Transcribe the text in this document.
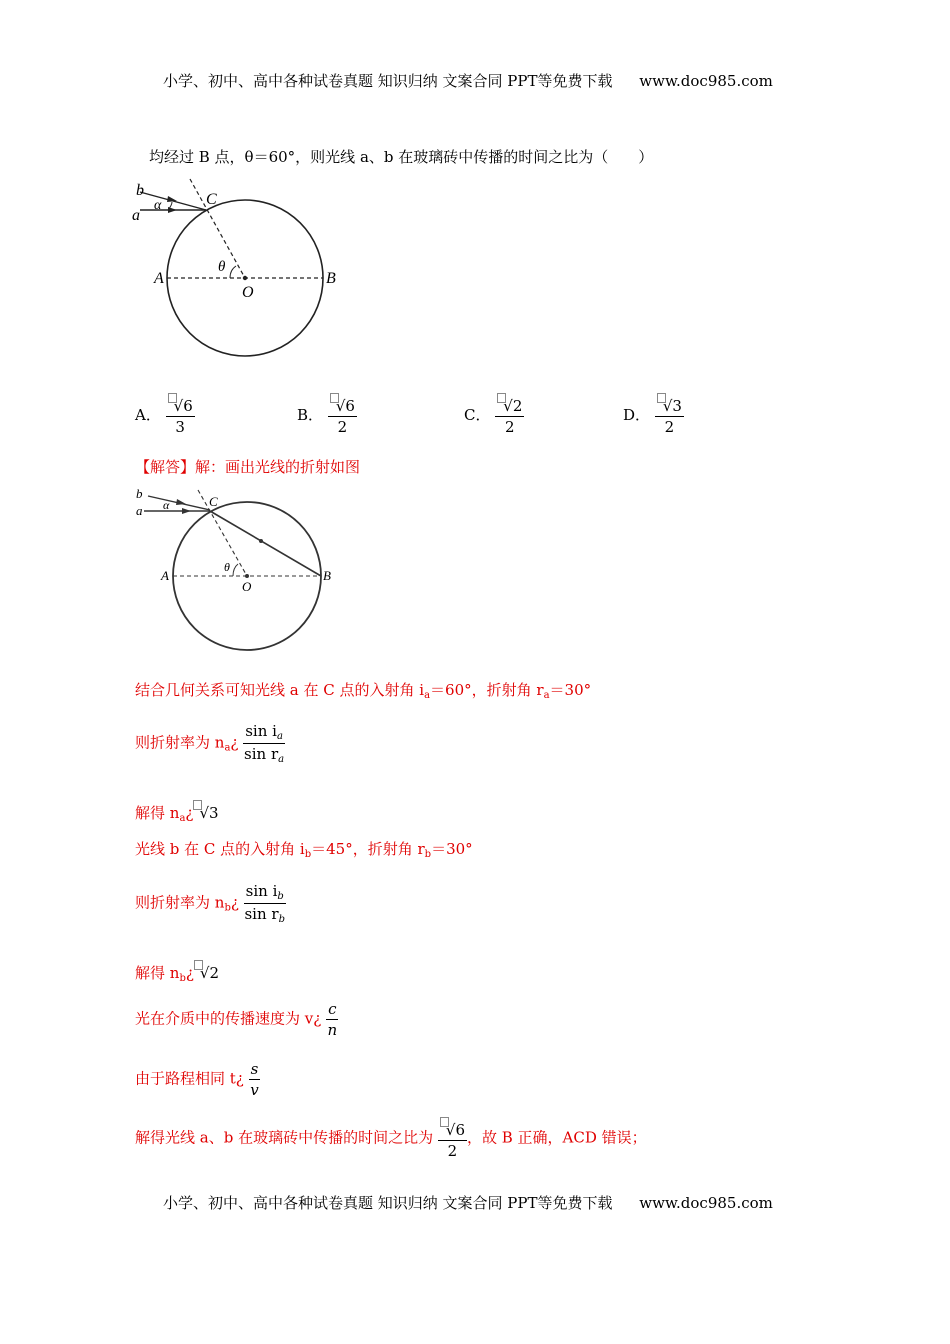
小学、初中、高中各种试卷真题 知识归纳 文案合同 PPT等免费下载 www.doc985.com
均经过 B 点，θ＝60°，则光线 a、b 在玻璃砖中传播的时间之比为（　　）
b
a
α	C
θ
A
O
B
A． $\frac{√6}{3}$	B． $\frac{√6}{2}$	C． $\frac{√2}{2}$	D． $\frac{√3}{2}$
【解答】解：画出光线的折射如图
b
a α	C
θ
A
O
B
结合几何关系可知光线 a 在 C 点的入射角 $i_a=60^\circ$，折射角 $r_a=30^\circ$
则折射率为 $n_a¿ \frac{\sin i_a}{\sin r_a}$
解得 $n_a¿$ √3
光线 b 在 C 点的入射角 $i_b=45^\circ$，折射角 $r_b=30^\circ$
则折射率为 $n_b¿ \frac{\sin i_b}{\sin r_b}$
解得 $n_b¿$ √2
光在介质中的传播速度为 v¿ $\frac{c}{n}$
由于路程相同 t¿ $\frac{s}{v}$
解得光线 a、b 在玻璃砖中传播的时间之比为 $\frac{√6}{2}$ ，故 B 正确，ACD 错误；
小学、初中、高中各种试卷真题 知识归纳 文案合同 PPT等免费下载 www.doc985.com
